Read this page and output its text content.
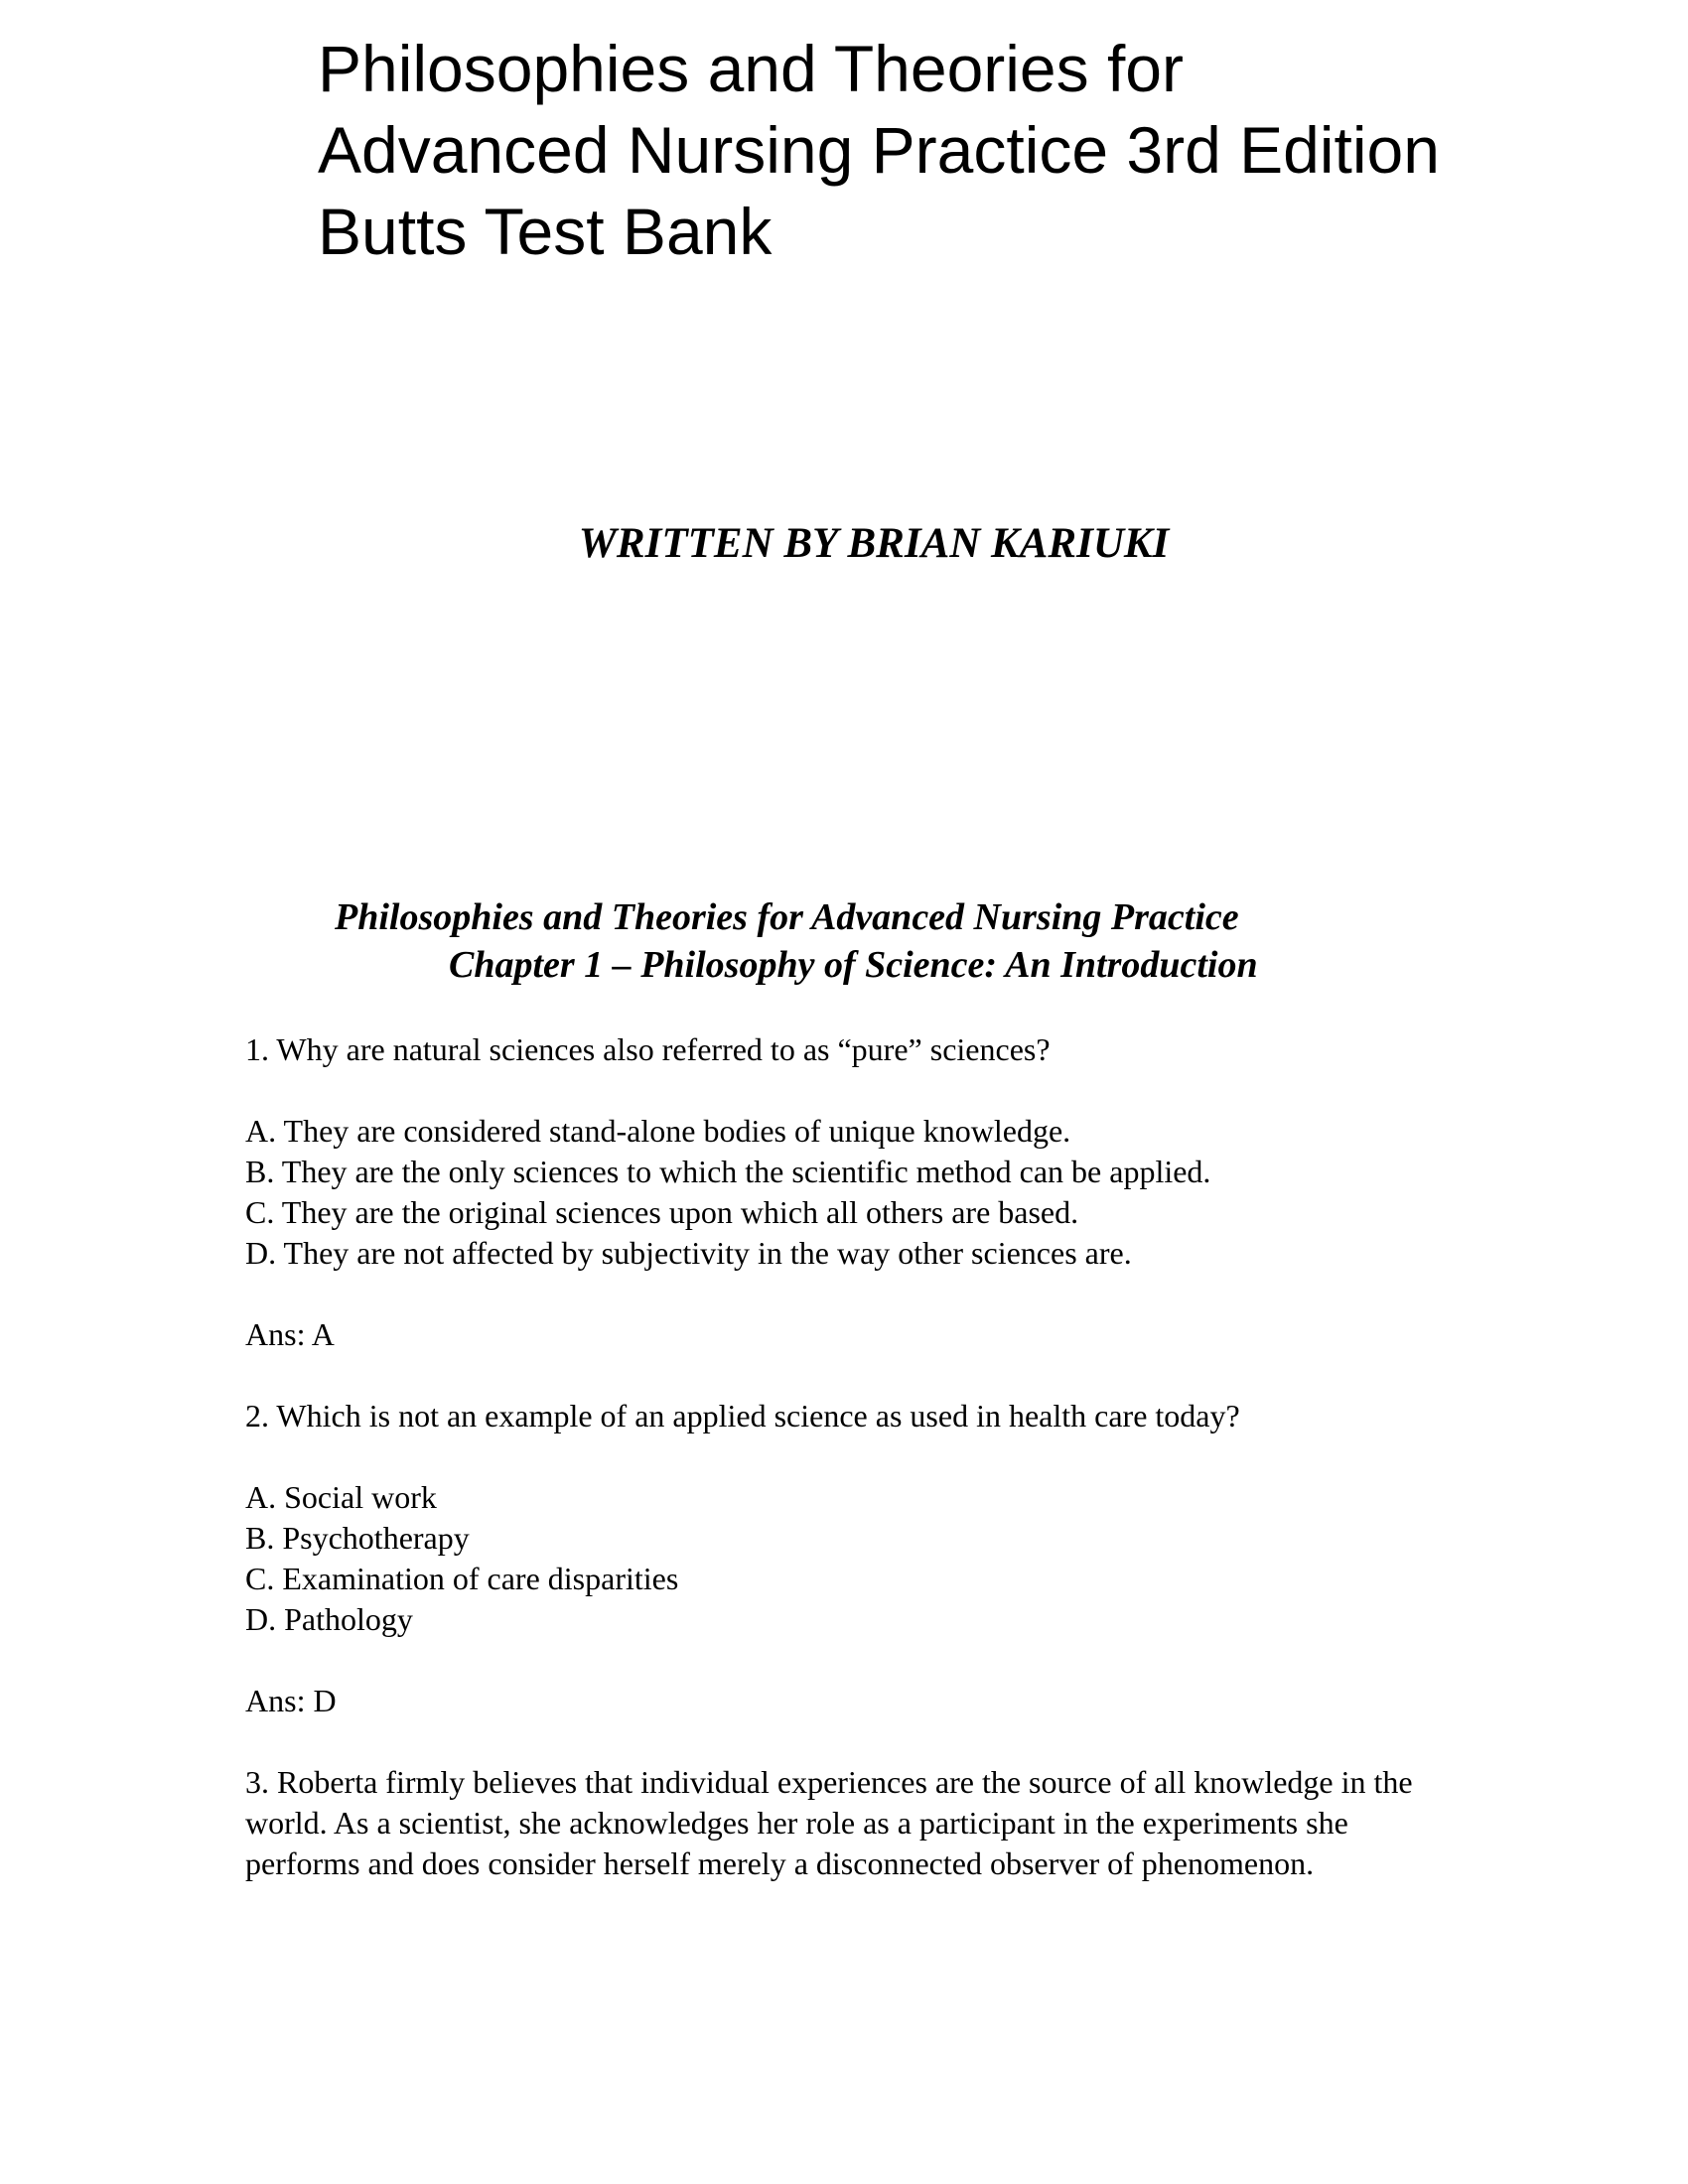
Philosophies and Theories for
Advanced Nursing Practice 3rd Edition
Butts Test Bank

WRITTEN BY BRIAN KARIUKI

Philosophies and Theories for Advanced Nursing Practice

Chapter 1 – Philosophy of Science: An Introduction

1. Why are natural sciences also referred to as “pure” sciences?

A. They are considered stand-alone bodies of unique knowledge.

B. They are the only sciences to which the scientific method can be applied.

C. They are the original sciences upon which all others are based.

D. They are not affected by subjectivity in the way other sciences are.

Ans: A

2. Which is not an example of an applied science as used in health care today?

A. Social work

B. Psychotherapy

C. Examination of care disparities

D. Pathology

Ans: D

3. Roberta firmly believes that individual experiences are the source of all knowledge in the
world. As a scientist, she acknowledges her role as a participant in the experiments she
performs and does consider herself merely a disconnected observer of phenomenon.
